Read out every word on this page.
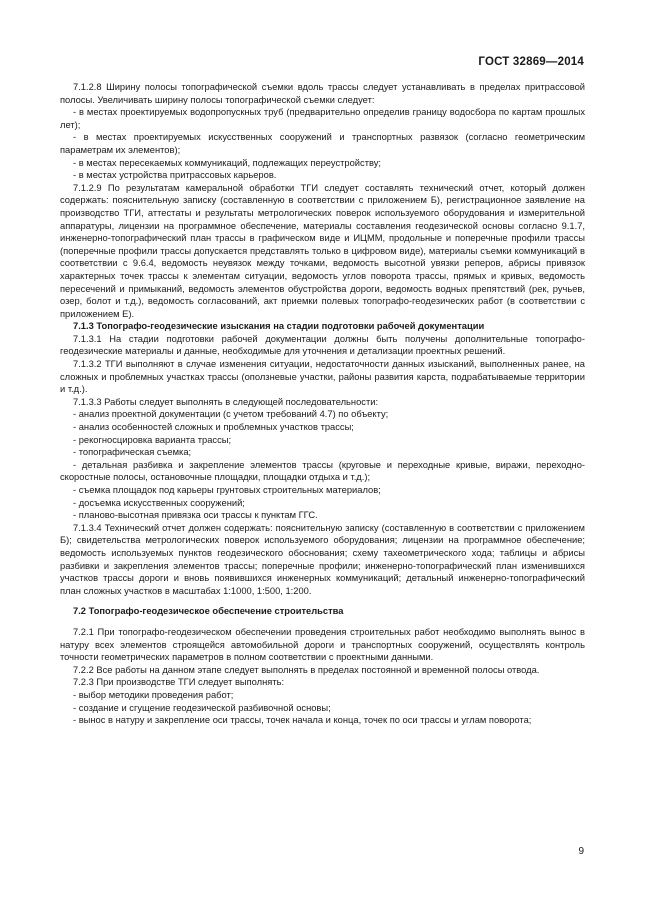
ГОСТ 32869—2014

7.1.2.8 Ширину полосы топографической съемки вдоль трассы следует устанавливать в пределах притрассовой полосы. Увеличивать ширину полосы топографической съемки следует:

- в местах проектируемых водопропускных труб (предварительно определив границу водосбора по картам прошлых лет);

- в местах проектируемых искусственных сооружений и транспортных развязок (согласно геометрическим параметрам их элементов);

- в местах пересекаемых коммуникаций, подлежащих переустройству;

- в местах устройства притрассовых карьеров.

7.1.2.9 По результатам камеральной обработки ТГИ следует составлять технический отчет, который должен содержать: пояснительную записку (составленную в соответствии с приложением Б), регистрационное заявление на производство ТГИ, аттестаты и результаты метрологических поверок используемого оборудования и измерительной аппаратуры, лицензии на программное обеспечение, материалы составления геодезической основы согласно 9.1.7, инженерно-топографический план трассы в графическом виде и ИЦММ, продольные и поперечные профили трассы (поперечные профили трассы допускается представлять только в цифровом виде), материалы съемки коммуникаций в соответствии с 9.6.4, ведомость неувязок между точками, ведомость высотной увязки реперов, абрисы привязок характерных точек трассы к элементам ситуации, ведомость углов поворота трассы, прямых и кривых, ведомость пересечений и примыканий, ведомость элементов обустройства дороги, ведомость водных препятствий (рек, ручьев, озер, болот и т.д.), ведомость согласований, акт приемки полевых топографо-геодезических работ (в соответствии с приложением Е).

7.1.3 Топографо-геодезические изыскания на стадии подготовки рабочей документации

7.1.3.1 На стадии подготовки рабочей документации должны быть получены дополнительные топографо-геодезические материалы и данные, необходимые для уточнения и детализации проектных решений.

7.1.3.2 ТГИ выполняют в случае изменения ситуации, недостаточности данных изысканий, выполненных ранее, на сложных и проблемных участках трассы (оползневые участки, районы развития карста, подрабатываемые территории и т.д.).

7.1.3.3 Работы следует выполнять в следующей последовательности:

- анализ проектной документации (с учетом требований 4.7) по объекту;

- анализ особенностей сложных и проблемных участков трассы;

- рекогносцировка варианта трассы;

- топографическая съемка;

- детальная разбивка и закрепление элементов трассы (круговые и переходные кривые, виражи, переходно-скоростные полосы, остановочные площадки, площадки отдыха и т.д.);

- съемка площадок под карьеры грунтовых строительных материалов;

- досъемка искусственных сооружений;

- планово-высотная привязка оси трассы к пунктам ГГС.

7.1.3.4 Технический отчет должен содержать: пояснительную записку (составленную в соответствии с приложением Б); свидетельства метрологических поверок используемого оборудования; лицензии на программное обеспечение; ведомость используемых пунктов геодезического обоснования; схему тахеометрического хода; таблицы и абрисы разбивки и закрепления элементов трассы; поперечные профили; инженерно-топографический план изменившихся участков трассы дороги и вновь появившихся инженерных коммуникаций; детальный инженерно-топографический план сложных участков в масштабах 1:1000, 1:500, 1:200.

7.2 Топографо-геодезическое обеспечение строительства

7.2.1 При топографо-геодезическом обеспечении проведения строительных работ необходимо выполнять вынос в натуру всех элементов строящейся автомобильной дороги и транспортных сооружений, осуществлять контроль точности геометрических параметров в полном соответствии с проектными данными.

7.2.2 Все работы на данном этапе следует выполнять в пределах постоянной и временной полосы отвода.

7.2.3 При производстве ТГИ следует выполнять:

- выбор методики проведения работ;

- создание и сгущение геодезической разбивочной основы;

- вынос в натуру и закрепление оси трассы, точек начала и конца, точек по оси трассы и углам поворота;

9
